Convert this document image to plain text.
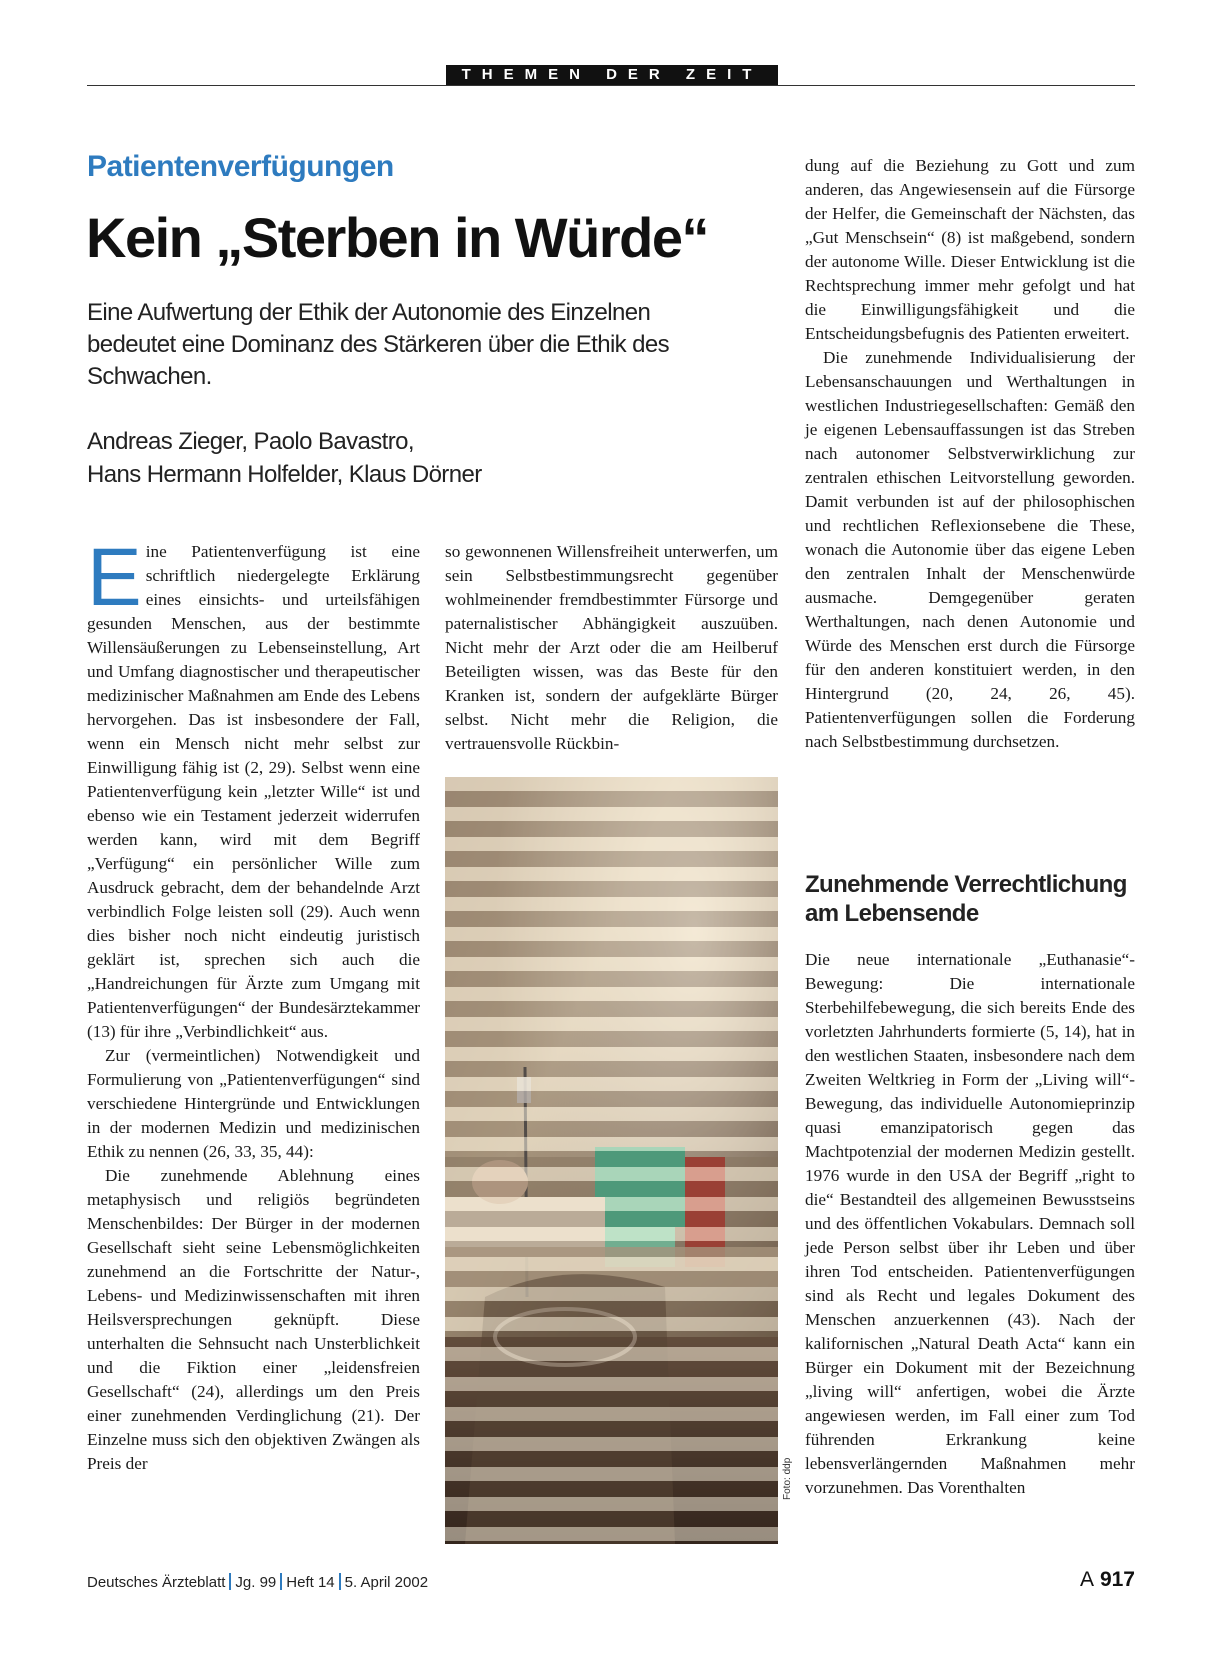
THEMEN DER ZEIT
Patientenverfügungen
Kein „Sterben in Würde“
Eine Aufwertung der Ethik der Autonomie des Einzelnen bedeutet eine Dominanz des Stärkeren über die Ethik des Schwachen.
Andreas Zieger, Paolo Bavastro,
Hans Hermann Holfelder, Klaus Dörner

Eine Patientenverfügung ist eine schriftlich niedergelegte Erklärung eines einsichts- und urteilsfähigen gesunden Menschen, aus der bestimmte Willensäußerungen zu Lebenseinstellung, Art und Umfang diagnostischer und therapeutischer medizinischer Maßnahmen am Ende des Lebens hervorgehen. Das ist insbesondere der Fall, wenn ein Mensch nicht mehr selbst zur Einwilligung fähig ist (2, 29). Selbst wenn eine Patientenverfügung kein „letzter Wille“ ist und ebenso wie ein Testament jederzeit widerrufen werden kann, wird mit dem Begriff „Verfügung“ ein persönlicher Wille zum Ausdruck gebracht, dem der behandelnde Arzt verbindlich Folge leisten soll (29). Auch wenn dies bisher noch nicht eindeutig juristisch geklärt ist, sprechen sich auch die „Handreichungen für Ärzte zum Umgang mit Patientenverfügungen“ der Bundesärztekammer (13) für ihre „Verbindlichkeit“ aus.

Zur (vermeintlichen) Notwendigkeit und Formulierung von „Patientenverfügungen“ sind verschiedene Hintergründe und Entwicklungen in der modernen Medizin und medizinischen Ethik zu nennen (26, 33, 35, 44):

Die zunehmende Ablehnung eines metaphysisch und religiös begründeten Menschenbildes: Der Bürger in der modernen Gesellschaft sieht seine Lebensmöglichkeiten zunehmend an die Fortschritte der Natur-, Lebens- und Medizinwissenschaften mit ihren Heilsversprechungen geknüpft. Diese unterhalten die Sehnsucht nach Unsterblichkeit und die Fiktion einer „leidensfreien Gesellschaft“ (24), allerdings um den Preis einer zunehmenden Verdinglichung (21). Der Einzelne muss sich den objektiven Zwängen als Preis der

so gewonnenen Willensfreiheit unterwerfen, um sein Selbstbestimmungsrecht gegenüber wohlmeinender fremdbestimmter Fürsorge und paternalistischer Abhängigkeit auszuüben. Nicht mehr der Arzt oder die am Heilberuf Beteiligten wissen, was das Beste für den Kranken ist, sondern der aufgeklärte Bürger selbst. Nicht mehr die Religion, die vertrauensvolle Rückbin-

Foto: ddp

dung auf die Beziehung zu Gott und zum anderen, das Angewiesensein auf die Fürsorge der Helfer, die Gemeinschaft der Nächsten, das „Gut Menschsein“ (8) ist maßgebend, sondern der autonome Wille. Dieser Entwicklung ist die Rechtsprechung immer mehr gefolgt und hat die Einwilligungsfähigkeit und die Entscheidungsbefugnis des Patienten erweitert.

Die zunehmende Individualisierung der Lebensanschauungen und Werthaltungen in westlichen Industriegesellschaften: Gemäß den je eigenen Lebensauffassungen ist das Streben nach autonomer Selbstverwirklichung zur zentralen ethischen Leitvorstellung geworden. Damit verbunden ist auf der philosophischen und rechtlichen Reflexionsebene die These, wonach die Autonomie über das eigene Leben den zentralen Inhalt der Menschenwürde ausmache. Demgegenüber geraten Werthaltungen, nach denen Autonomie und Würde des Menschen erst durch die Fürsorge für den anderen konstituiert werden, in den Hintergrund (20, 24, 26, 45). Patientenverfügungen sollen die Forderung nach Selbstbestimmung durchsetzen.

Zunehmende Verrechtlichung
am Lebensende

Die neue internationale „Euthanasie“-Bewegung: Die internationale Sterbehilfebewegung, die sich bereits Ende des vorletzten Jahrhunderts formierte (5, 14), hat in den westlichen Staaten, insbesondere nach dem Zweiten Weltkrieg in Form der „Living will“-Bewegung, das individuelle Autonomieprinzip quasi emanzipatorisch gegen das Machtpotenzial der modernen Medizin gestellt. 1976 wurde in den USA der Begriff „right to die“ Bestandteil des allgemeinen Bewusstseins und des öffentlichen Vokabulars. Demnach soll jede Person selbst über ihr Leben und über ihren Tod entscheiden. Patientenverfügungen sind als Recht und legales Dokument des Menschen anzuerkennen (43). Nach der kalifornischen „Natural Death Acta“ kann ein Bürger ein Dokument mit der Bezeichnung „living will“ anfertigen, wobei die Ärzte angewiesen werden, im Fall einer zum Tod führenden Erkrankung keine lebensverlängernden Maßnahmen mehr vorzunehmen. Das Vorenthalten

Deutsches Ärzteblatt Jg. 99 Heft 14 5. April 2002	A 917
